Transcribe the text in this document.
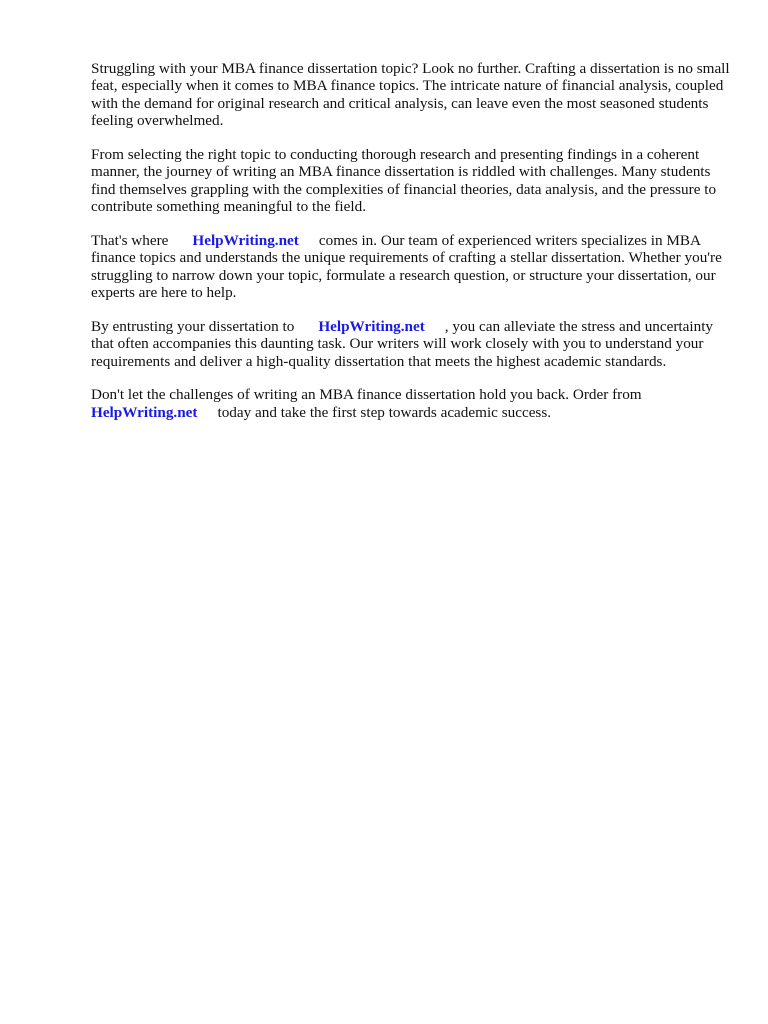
Struggling with your MBA finance dissertation topic? Look no further. Crafting a dissertation is no small feat, especially when it comes to MBA finance topics. The intricate nature of financial analysis, coupled with the demand for original research and critical analysis, can leave even the most seasoned students feeling overwhelmed.

From selecting the right topic to conducting thorough research and presenting findings in a coherent manner, the journey of writing an MBA finance dissertation is riddled with challenges. Many students find themselves grappling with the complexities of financial theories, data analysis, and the pressure to contribute something meaningful to the field.

That's where HelpWriting.net comes in. Our team of experienced writers specializes in MBA finance topics and understands the unique requirements of crafting a stellar dissertation. Whether you're struggling to narrow down your topic, formulate a research question, or structure your dissertation, our experts are here to help.

By entrusting your dissertation to HelpWriting.net , you can alleviate the stress and uncertainty that often accompanies this daunting task. Our writers will work closely with you to understand your requirements and deliver a high-quality dissertation that meets the highest academic standards.

Don't let the challenges of writing an MBA finance dissertation hold you back. Order from HelpWriting.net today and take the first step towards academic success.
